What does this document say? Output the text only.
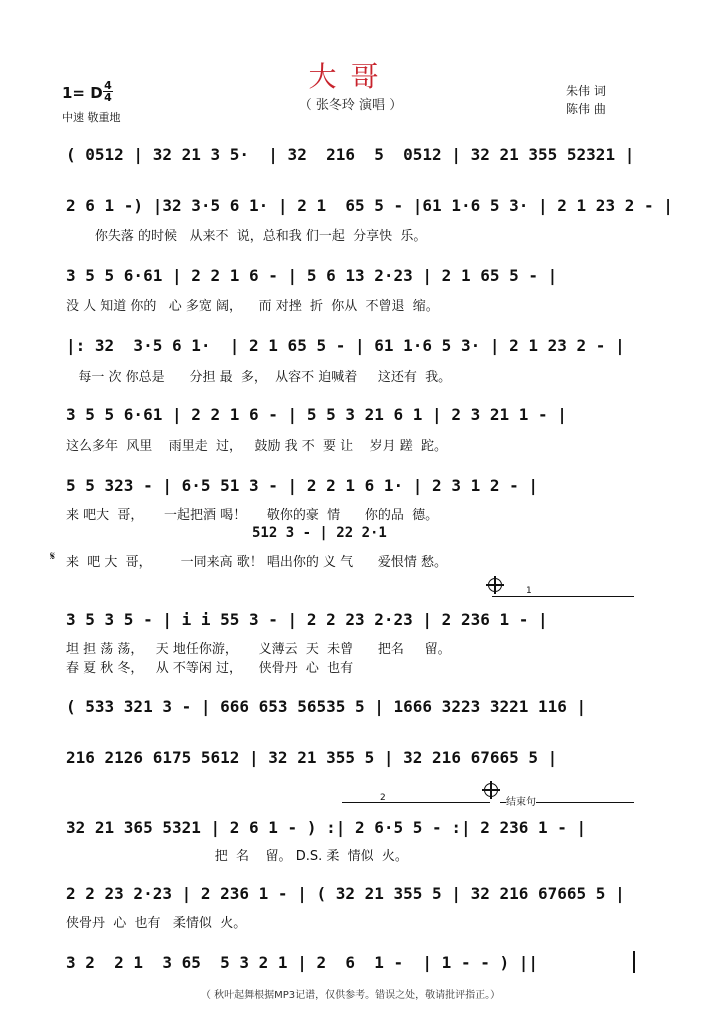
大哥
（ 张冬玲 演唱 ）
1= D 4
4
中速 敬重地
朱伟 词
陈伟 曲
( 0512 | 32 21 3 5·  | 32  216  5  0512 | 32 21 355 52321 |
2 6 1 -) |32 3·5 6 1· | 2 1  65 5 - |61 1·6 5 3· | 2 1 23 2 - |
你失落 的时候   从来不  说，总和我 们一起  分享快  乐。
3 5 5 6·61 | 2 2 1 6 - | 5 6 13 2·23 | 2 1 65 5 - |
没 人 知道 你的   心 多宽 阔，    而 对挫  折  你从  不曾退  缩。
|: 32  3·5 6 1·  | 2 1 65 5 - | 61 1·6 5 3· | 2 1 23 2 - |
每一 次 你总是      分担 最  多，  从容不 迫喊着     这还有  我。
3 5 5 6·61 | 2 2 1 6 - | 5 5 3 21 6 1 | 2 3 21 1 - |
这么多年  风里    雨里走  过，   鼓励 我 不  要 让    岁月 蹉  跎。
5 5 323 - | 6·5 51 3 - | 2 2 1 6 1· | 2 3 1 2 - |
来 吧大  哥，     一起把酒 喝！     敬你的豪  情      你的品  德。
512 3 - | 22 2·1
𝄋 来  吧 大  哥，       一同来高 歌！ 唱出你的 义 气      爱恨情 愁。
1
3 5 3 5 - | i i 55 3 - | 2 2 23 2·23 | 2 236 1 - |
坦 担 荡 荡，   天 地任你游，     义薄云  天  未曾      把名     留。
春 夏 秋 冬，   从 不等闲 过，    侠骨丹  心  也有
( 533 321 3 - | 666 653 56535 5 | 1666 3223 3221 116 |
216 2126 6175 5612 | 32 21 355 5 | 32 216 67665 5 |
2	结束句
32 21 365 5321 | 2 6 1 - ) :| 2 6·5 5 - :| 2 236 1 - |
把  名    留。 D.S. 柔  情似  火。
2 2 23 2·23 | 2 236 1 - | ( 32 21 355 5 | 32 216 67665 5 |
侠骨丹  心  也有   柔情似  火。
3 2  2 1  3 65  5 3 2 1 | 2  6  1 -  | 1 - - ) ||
（ 秋叶起舞根据MP3记谱，仅供参考。错误之处，敬请批评指正。）
